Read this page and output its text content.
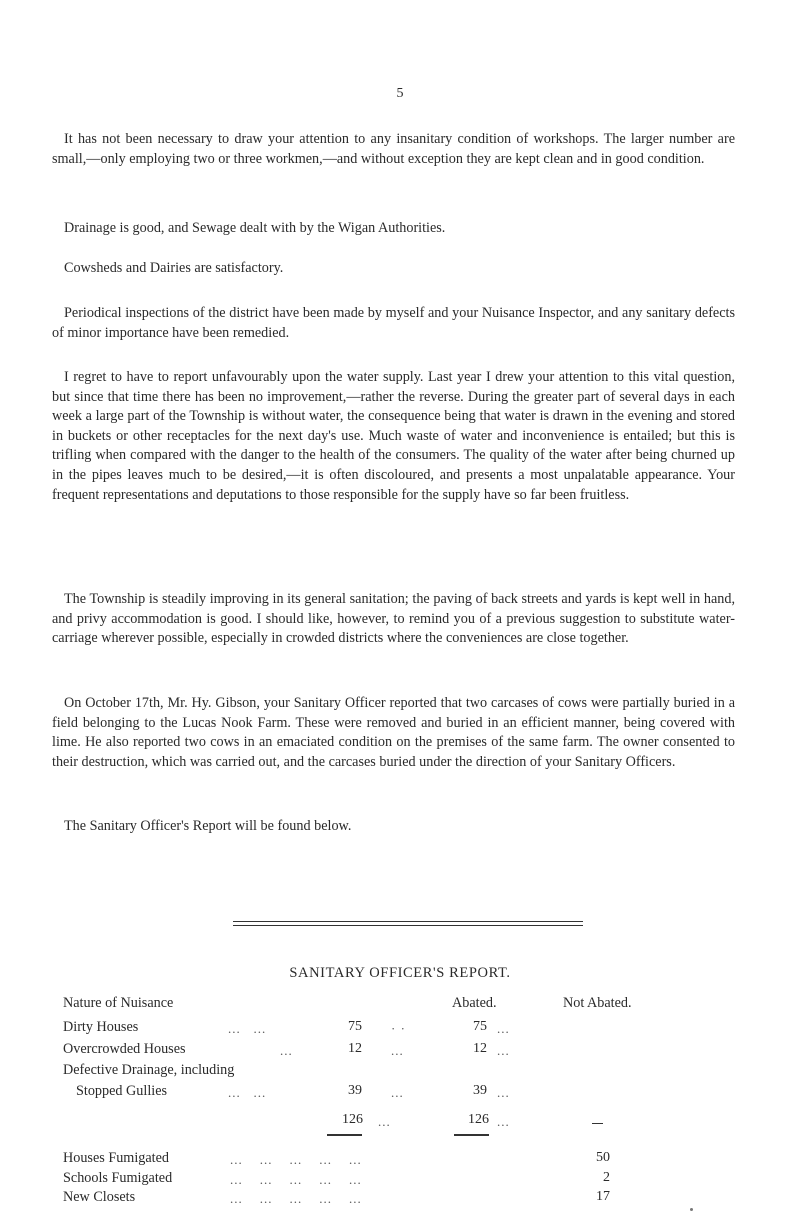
5

It has not been necessary to draw your attention to any insanitary condition of workshops. The larger number are small,—only employing two or three workmen,—and without exception they are kept clean and in good condition.

Drainage is good, and Sewage dealt with by the Wigan Authorities.

Cowsheds and Dairies are satisfactory.

Periodical inspections of the district have been made by myself and your Nuisance Inspector, and any sanitary defects of minor importance have been remedied.

I regret to have to report unfavourably upon the water supply. Last year I drew your attention to this vital question, but since that time there has been no improvement,—rather the reverse. During the greater part of several days in each week a large part of the Township is without water, the consequence being that water is drawn in the evening and stored in buckets or other receptacles for the next day's use. Much waste of water and inconvenience is entailed; but this is trifling when compared with the danger to the health of the consumers. The quality of the water after being churned up in the pipes leaves much to be desired,—it is often discoloured, and presents a most unpalatable appearance. Your frequent representations and deputations to those responsible for the supply have so far been fruitless.

The Township is steadily improving in its general sanitation; the paving of back streets and yards is kept well in hand, and privy accommodation is good. I should like, however, to remind you of a previous suggestion to substitute water-carriage wherever possible, especially in crowded districts where the conveniences are close together.

On October 17th, Mr. Hy. Gibson, your Sanitary Officer reported that two carcases of cows were partially buried in a field belonging to the Lucas Nook Farm. These were removed and buried in an efficient manner, being covered with lime. He also reported two cows in an emaciated condition on the premises of the same farm. The owner consented to their destruction, which was carried out, and the carcases buried under the direction of your Sanitary Officers.

The Sanitary Officer's Report will be found below.

SANITARY OFFICER'S REPORT.
Nature of Nuisance	Abated.	Not Abated.
Dirty Houses	...   ...	75 · ·	75 ...
Overcrowded Houses	...	12 ...	12 ...
Defective Drainage, including
Stopped Gullies	...   ...	39 ...	39 ...
126 ...	126 ...
Houses Fumigated	...    ...    ...    ...    ...	50
Schools Fumigated	...    ...    ...    ...    ...	2
New Closets	...    ...    ...    ...    ...	17
